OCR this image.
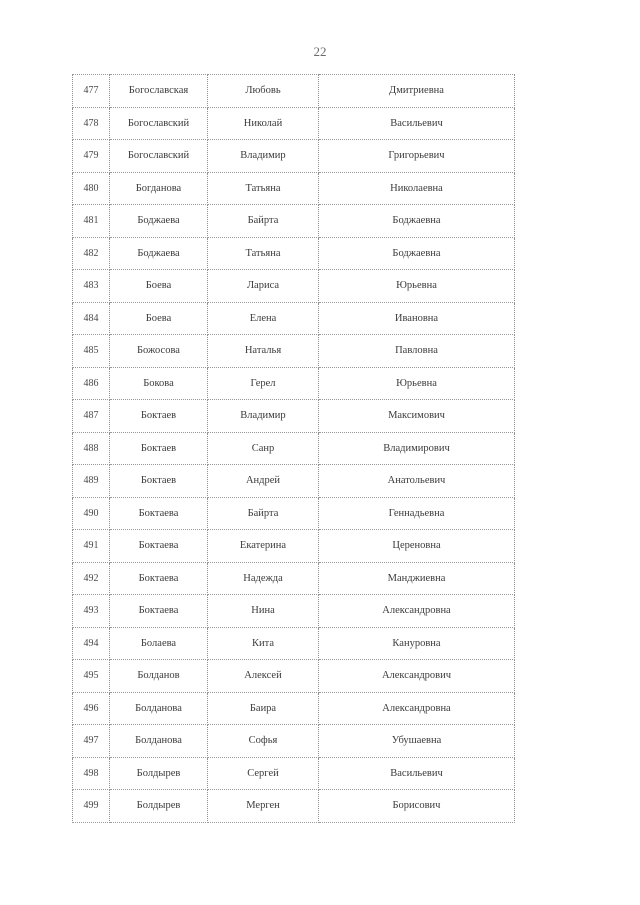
22
477	Богославская	Любовь	Дмитриевна
478	Богославский	Николай	Васильевич
479	Богославский	Владимир	Григорьевич
480	Богданова	Татьяна	Николаевна
481	Боджаева	Байрта	Боджаевна
482	Боджаева	Татьяна	Боджаевна
483	Боева	Лариса	Юрьевна
484	Боева	Елена	Ивановна
485	Божосова	Наталья	Павловна
486	Бокова	Герел	Юрьевна
487	Боктаев	Владимир	Максимович
488	Боктаев	Санр	Владимирович
489	Боктаев	Андрей	Анатольевич
490	Боктаева	Байрта	Геннадьевна
491	Боктаева	Екатерина	Цереновна
492	Боктаева	Надежда	Манджиевна
493	Боктаева	Нина	Александровна
494	Болаева	Кита	Кануровна
495	Болданов	Алексей	Александрович
496	Болданова	Баира	Александровна
497	Болданова	Софья	Убушаевна
498	Болдырев	Сергей	Васильевич
499	Болдырев	Мерген	Борисович
